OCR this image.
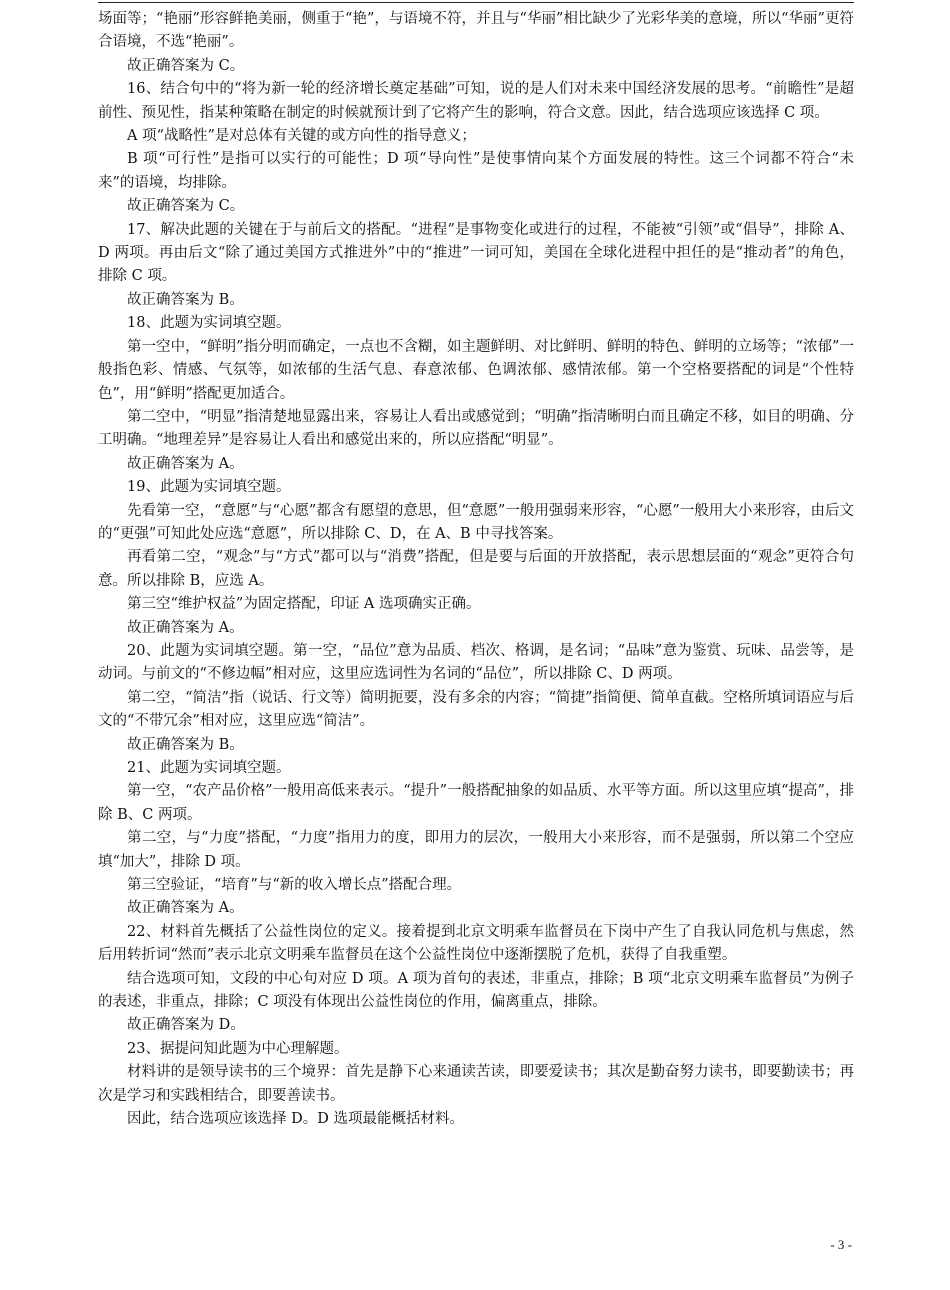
场面等；“艳丽”形容鲜艳美丽，侧重于“艳”，与语境不符，并且与“华丽”相比缺少了光彩华美的意境，所以“华丽”更符合语境，不选“艳丽”。

故正确答案为 C。

16、结合句中的“将为新一轮的经济增长奠定基础”可知，说的是人们对未来中国经济发展的思考。“前瞻性”是超前性、预见性，指某种策略在制定的时候就预计到了它将产生的影响，符合文意。因此，结合选项应该选择 C 项。

A 项“战略性”是对总体有关键的或方向性的指导意义；

B 项“可行性”是指可以实行的可能性；D 项“导向性”是使事情向某个方面发展的特性。这三个词都不符合“未来”的语境，均排除。

故正确答案为 C。

17、解决此题的关键在于与前后文的搭配。“进程”是事物变化或进行的过程，不能被“引领”或“倡导”，排除 A、D 两项。再由后文“除了通过美国方式推进外”中的“推进”一词可知，美国在全球化进程中担任的是“推动者”的角色，排除 C 项。

故正确答案为 B。

18、此题为实词填空题。

第一空中，“鲜明”指分明而确定，一点也不含糊，如主题鲜明、对比鲜明、鲜明的特色、鲜明的立场等；“浓郁”一般指色彩、情感、气氛等，如浓郁的生活气息、春意浓郁、色调浓郁、感情浓郁。第一个空格要搭配的词是“个性特色”，用“鲜明”搭配更加适合。

第二空中，“明显”指清楚地显露出来，容易让人看出或感觉到；“明确”指清晰明白而且确定不移，如目的明确、分工明确。“地理差异”是容易让人看出和感觉出来的，所以应搭配“明显”。

故正确答案为 A。

19、此题为实词填空题。

先看第一空，“意愿”与“心愿”都含有愿望的意思，但“意愿”一般用强弱来形容，“心愿”一般用大小来形容，由后文的“更强”可知此处应选“意愿”，所以排除 C、D，在 A、B 中寻找答案。

再看第二空，“观念”与“方式”都可以与“消费”搭配，但是要与后面的开放搭配，表示思想层面的“观念”更符合句意。所以排除 B，应选 A。

第三空“维护权益”为固定搭配，印证 A 选项确实正确。

故正确答案为 A。

20、此题为实词填空题。第一空，“品位”意为品质、档次、格调，是名词；“品味”意为鉴赏、玩味、品尝等，是动词。与前文的“不修边幅”相对应，这里应选词性为名词的“品位”，所以排除 C、D 两项。

第二空，“简洁”指（说话、行文等）简明扼要，没有多余的内容；“简捷”指简便、简单直截。空格所填词语应与后文的“不带冗余”相对应，这里应选“简洁”。

故正确答案为 B。

21、此题为实词填空题。

第一空，“农产品价格”一般用高低来表示。“提升”一般搭配抽象的如品质、水平等方面。所以这里应填“提高”，排除 B、C 两项。

第二空，与“力度”搭配，“力度”指用力的度，即用力的层次，一般用大小来形容，而不是强弱，所以第二个空应填“加大”，排除 D 项。

第三空验证，“培育”与“新的收入增长点”搭配合理。

故正确答案为 A。

22、材料首先概括了公益性岗位的定义。接着提到北京文明乘车监督员在下岗中产生了自我认同危机与焦虑，然后用转折词“然而”表示北京文明乘车监督员在这个公益性岗位中逐渐摆脱了危机，获得了自我重塑。

结合选项可知，文段的中心句对应 D 项。A 项为首句的表述，非重点，排除；B 项“北京文明乘车监督员”为例子的表述，非重点，排除；C 项没有体现出公益性岗位的作用，偏离重点，排除。

故正确答案为 D。

23、据提问知此题为中心理解题。

材料讲的是领导读书的三个境界：首先是静下心来通读苦读，即要爱读书；其次是勤奋努力读书，即要勤读书；再次是学习和实践相结合，即要善读书。

因此，结合选项应该选择 D。D 选项最能概括材料。

- 3 -
